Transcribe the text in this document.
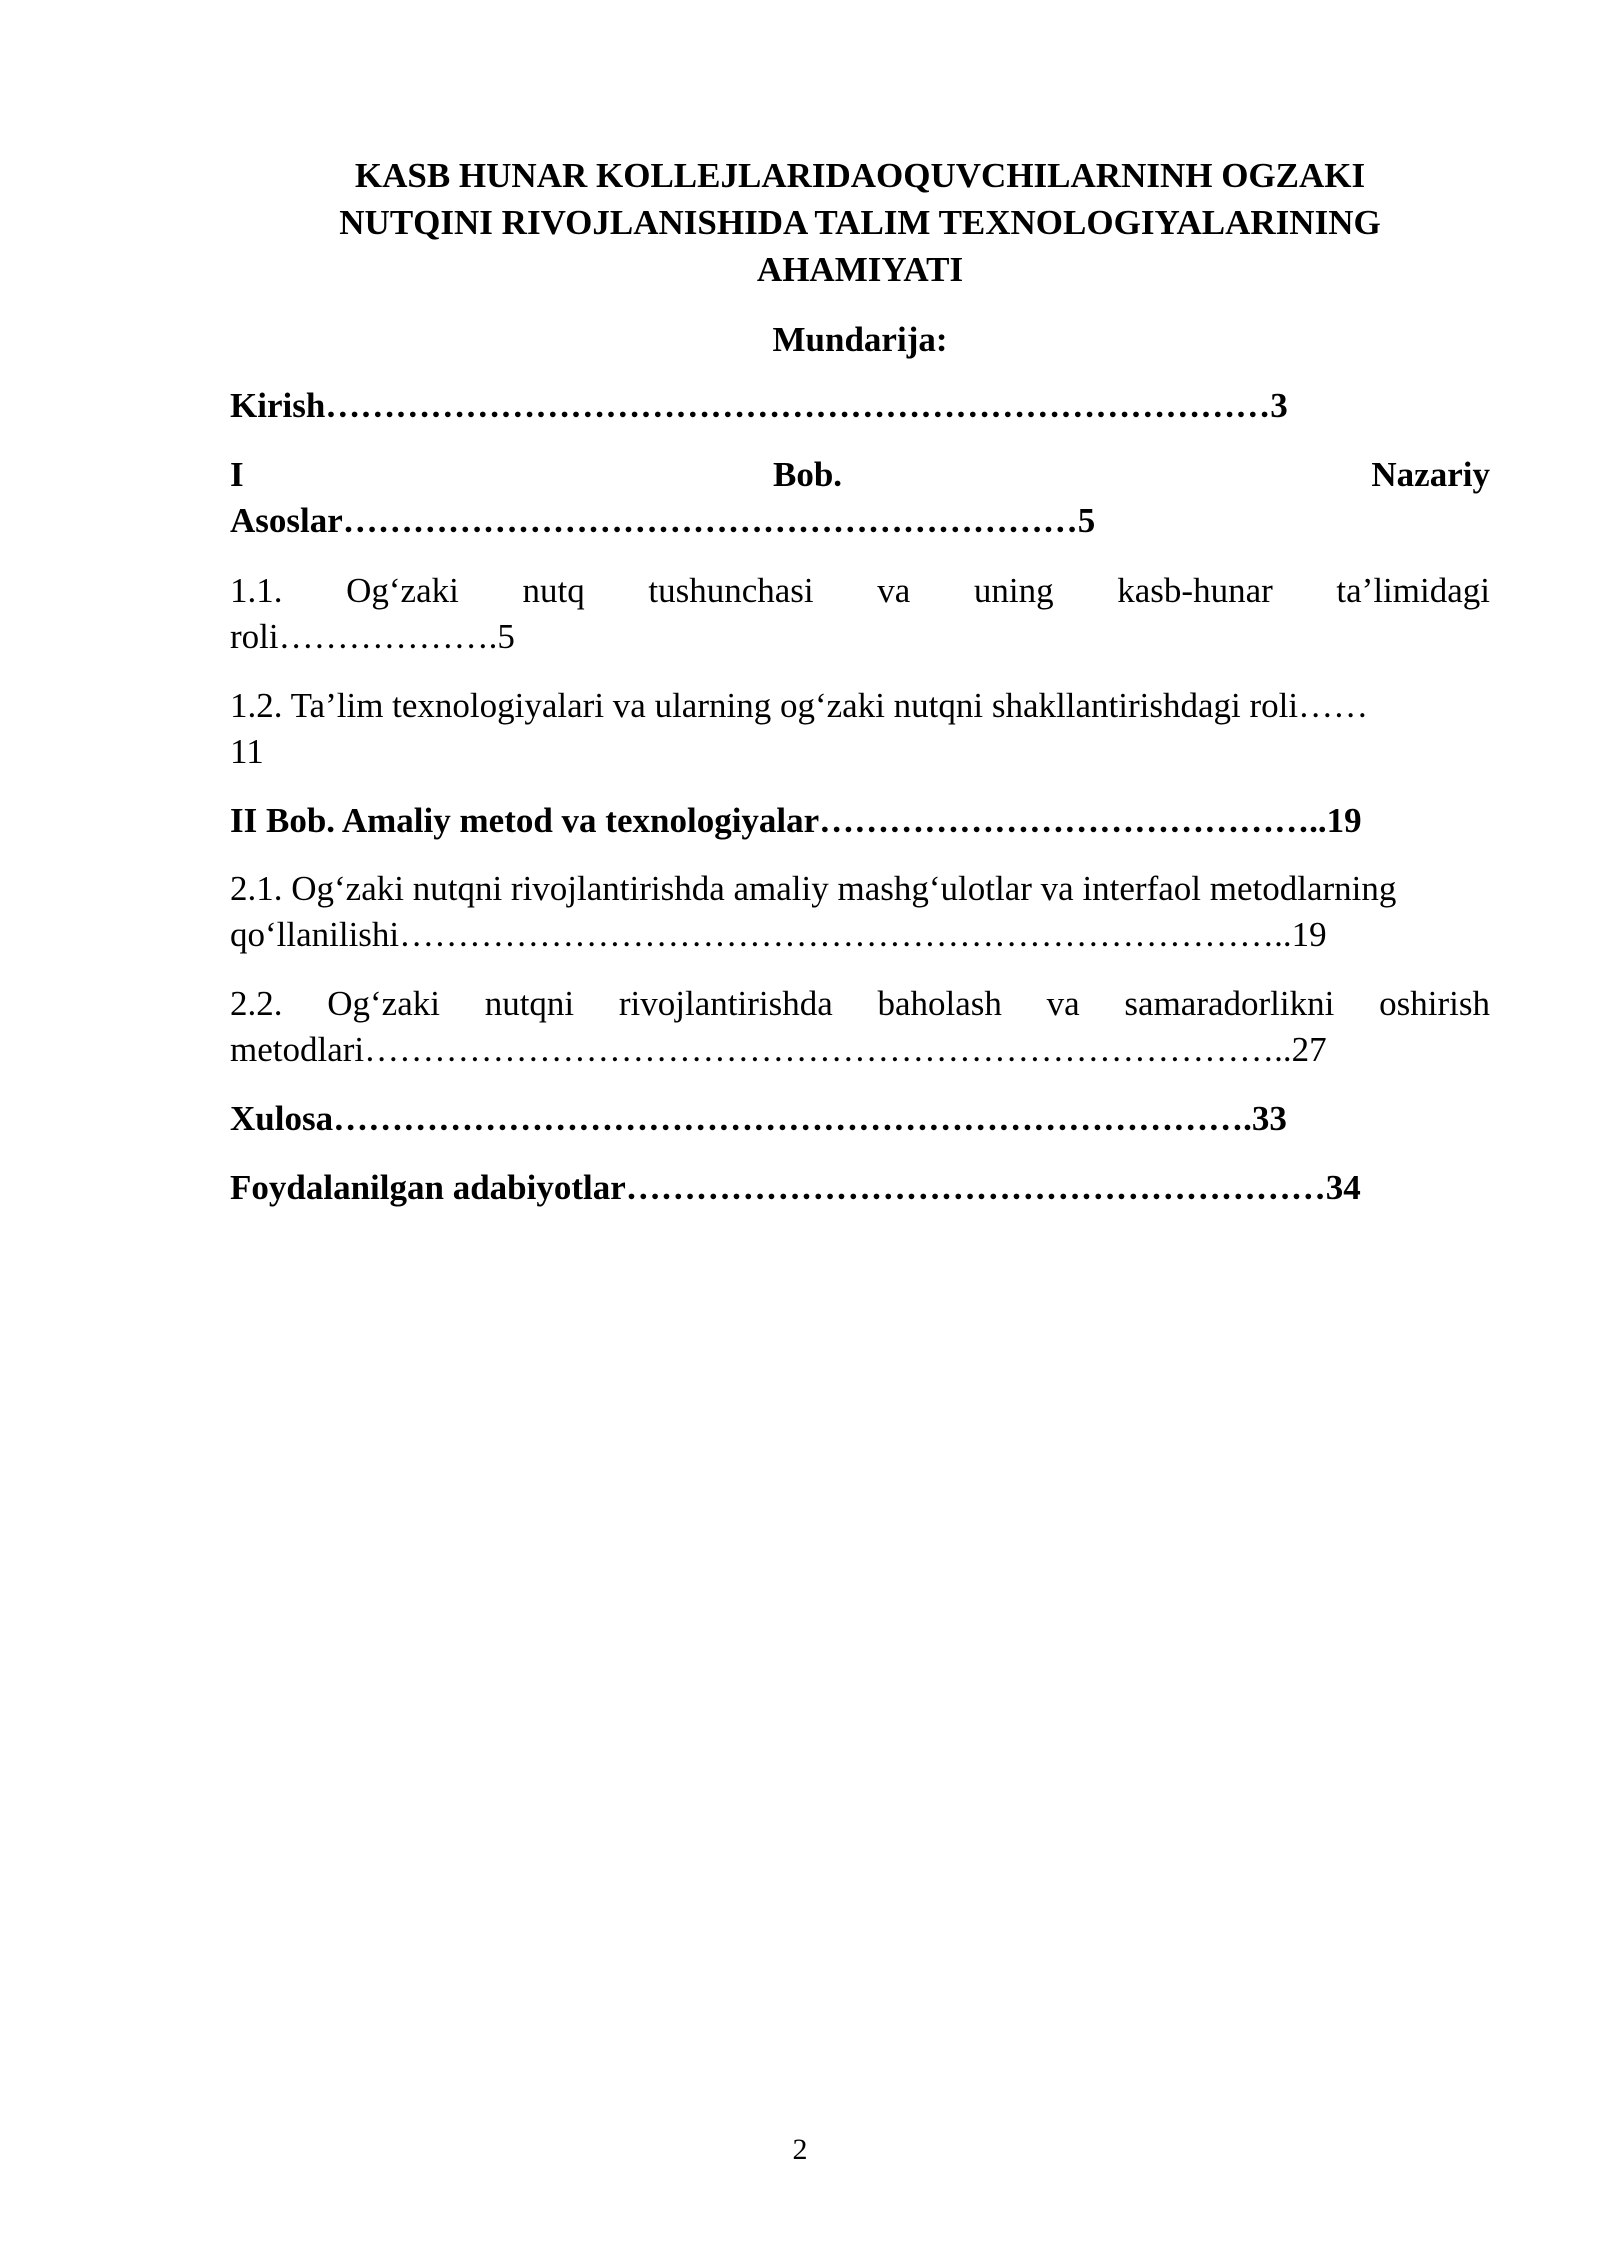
KASB HUNAR KOLLEJLARIDAOQUVCHILARNINH OGZAKI
NUTQINI RIVOJLANISHIDA TALIM TEXNOLOGIYALARINING
AHAMIYATI
Mundarija:
Kirish………………………………………………………………………3
I	Bob.	Nazariy
Asoslar………………………………………………………5
1.1. Og‘zaki nutq tushunchasi va uning kasb-hunar ta’limidagi
roli……………….5
1.2. Ta’lim texnologiyalari va ularning og‘zaki nutqni shakllantirishdagi roli……
11
II Bob. Amaliy metod va texnologiyalar……………………………………..19
2.1. Og‘zaki nutqni rivojlantirishda amaliy mashg‘ulotlar va interfaol metodlarning
qo‘llanilishi…………………………………………………………………..19
2.2. Og‘zaki nutqni rivojlantirishda baholash va samaradorlikni oshirish
metodlari……………………………………………………………………..27
Xulosa…………………………………………………………………….33
Foydalanilgan adabiyotlar……………………………………………………34
2
